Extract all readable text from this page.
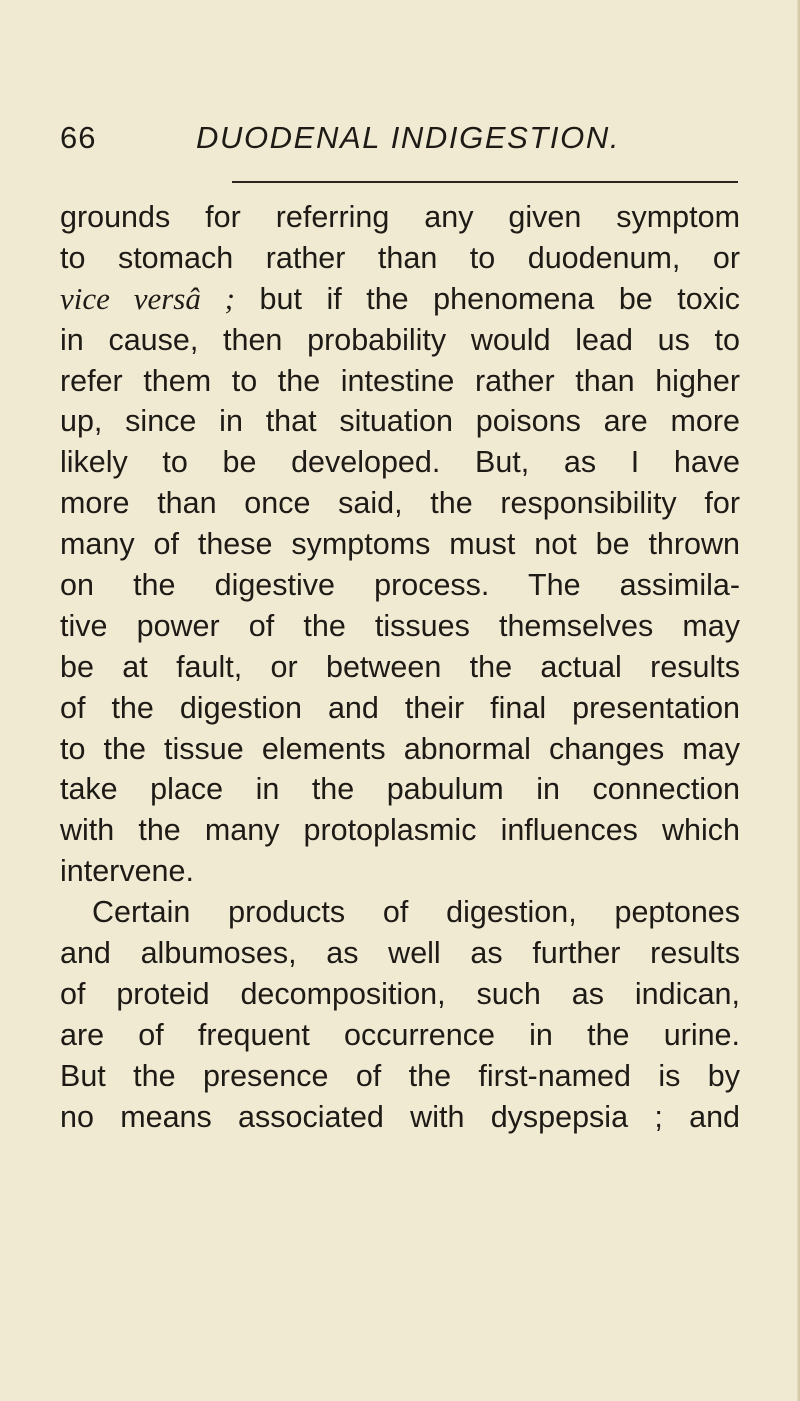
66	DUODENAL INDIGESTION.
grounds for referring any given symptom
to stomach rather than to duodenum, or
vice versâ ; but if the phenomena be toxic
in cause, then probability would lead us to
refer them to the intestine rather than higher
up, since in that situation poisons are more
likely to be developed. But, as I have
more than once said, the responsibility for
many of these symptoms must not be thrown
on the digestive process. The assimila-
tive power of the tissues themselves may
be at fault, or between the actual results
of the digestion and their final presentation
to the tissue elements abnormal changes may
take place in the pabulum in connection
with the many protoplasmic influences which
intervene.
Certain products of digestion, peptones
and albumoses, as well as further results
of proteid decomposition, such as indican,
are of frequent occurrence in the urine.
But the presence of the first-named is by
no means associated with dyspepsia ; and
